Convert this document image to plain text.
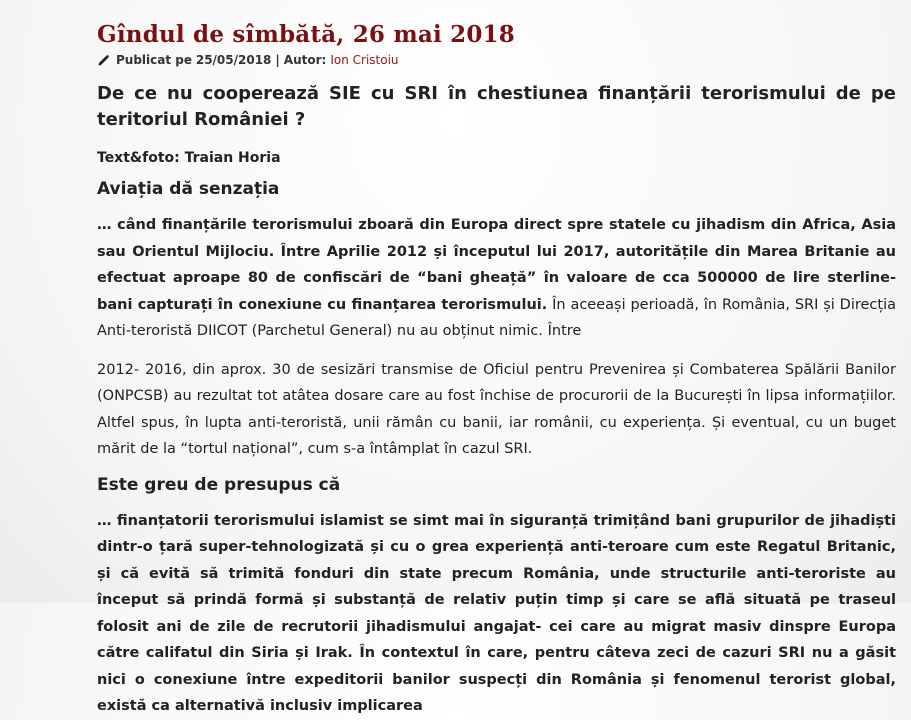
Gîndul de sîmbătă, 26 mai 2018
Publicat pe
25/05/2018 | Autor: Ion Cristoiu
De ce nu cooperează SIE cu SRI în chestiunea finanțării terorismului de pe teritoriul României ?
Text&foto: Traian Horia
Aviația dă senzația

… când finanțările terorismului zboară din Europa direct spre statele cu jihadism din Africa, Asia sau Orientul Mijlociu. Între Aprilie 2012 și începutul lui 2017, autoritățile din Marea Britanie au efectuat aproape 80 de confiscări de “bani gheață” în valoare de cca 500000 de lire sterline- bani capturați în conexiune cu finanțarea terorismului. În aceeași perioadă, în România, SRI și Direcția Anti-teroristă DIICOT (Parchetul General) nu au obținut nimic. Între

2012- 2016, din aprox. 30 de sesizări transmise de Oficiul pentru Prevenirea și Combaterea Spălării Banilor (ONPCSB) au rezultat tot atâtea dosare care au fost închise de procurorii de la București în lipsa informațiilor. Altfel spus, în lupta anti-teroristă, unii rămân cu banii, iar românii, cu experiența. Și eventual, cu un buget mărit de la “tortul național”, cum s-a întâmplat în cazul SRI.

Este greu de presupus că

… finanțatorii terorismului islamist se simt mai în siguranță trimițând bani grupurilor de jihadiști dintr-o țară super-tehnologizată și cu o grea experiență anti-teroare cum este Regatul Britanic, și că evită să trimită fonduri din state precum România, unde structurile anti-teroriste au început să prindă formă și substanță de relativ puțin timp și care se află situată pe traseul folosit ani de zile de recrutorii jihadismului angajat- cei care au migrat masiv dinspre Europa către califatul din Siria și Irak. În contextul în care, pentru câteva zeci de cazuri SRI nu a găsit nici o conexiune între expeditorii banilor suspecți din România și fenomenul terorist global, există ca alternativă inclusiv implicarea
